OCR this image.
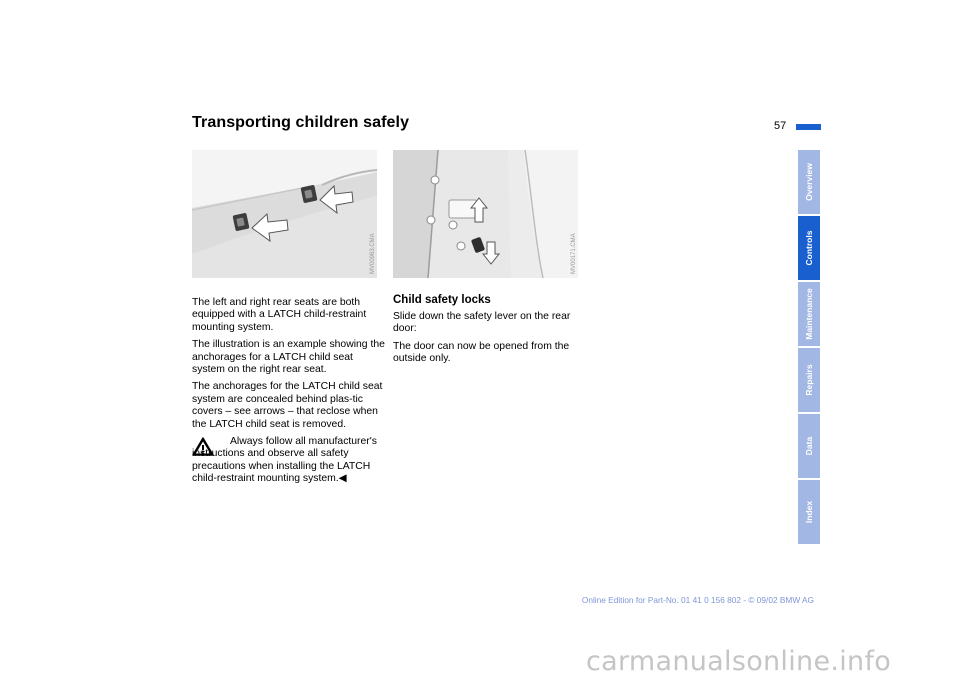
Transporting children safely	57
MV00963.CMA	MV00171.CMA

The left and right rear seats are both equipped with a LATCH child-restraint mounting system.

The illustration is an example showing the anchorages for a LATCH child seat system on the right rear seat.

The anchorages for the LATCH child seat system are concealed behind plas-tic covers – see arrows – that reclose when the LATCH child seat is removed.

Always follow all manufacturer's instructions and observe all safety precautions when installing the LATCH child-restraint mounting system.◀
Child safety locks

Slide down the safety lever on the rear door:

The door can now be opened from the outside only.

Overview
Controls
Maintenance
Repairs
Data
Index
Online Edition for Part-No. 01 41 0 156 802 - © 09/02 BMW AG
carmanualsonline.info
